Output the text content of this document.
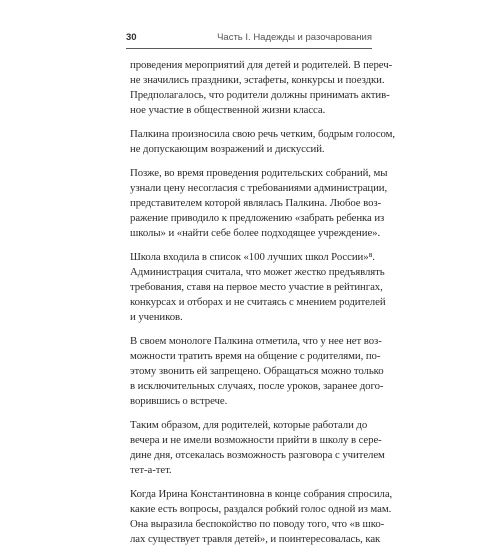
30	Часть I. Надежды и разочарования

проведения мероприятий для детей и родителей. В переч-
не значились праздники, эстафеты, конкурсы и поездки.
Предполагалось, что родители должны принимать актив-
ное участие в общественной жизни класса.

Палкина произносила свою речь четким, бодрым голосом,
не допускающим возражений и дискуссий.

Позже, во время проведения родительских собраний, мы
узнали цену несогласия с требованиями администрации,
представителем которой являлась Палкина. Любое воз-
ражение приводило к предложению «забрать ребенка из
школы» и «найти себе более подходящее учреждение».

Школа входила в список «100 лучших школ России»⁸.
Администрация считала, что может жестко предъявлять
требования, ставя на первое место участие в рейтингах,
конкурсах и отборах и не считаясь с мнением родителей
и учеников.

В своем монологе Палкина отметила, что у нее нет воз-
можности тратить время на общение с родителями, по-
этому звонить ей запрещено. Обращаться можно только
в исключительных случаях, после уроков, заранее дого-
ворившись о встрече.

Таким образом, для родителей, которые работали до
вечера и не имели возможности прийти в школу в сере-
дине дня, отсекалась возможность разговора с учителем
тет-а-тет.

Когда Ирина Константиновна в конце собрания спросила,
какие есть вопросы, раздался робкий голос одной из мам.
Она выразила беспокойство по поводу того, что «в шко-
лах существует травля детей», и поинтересовалась, как
